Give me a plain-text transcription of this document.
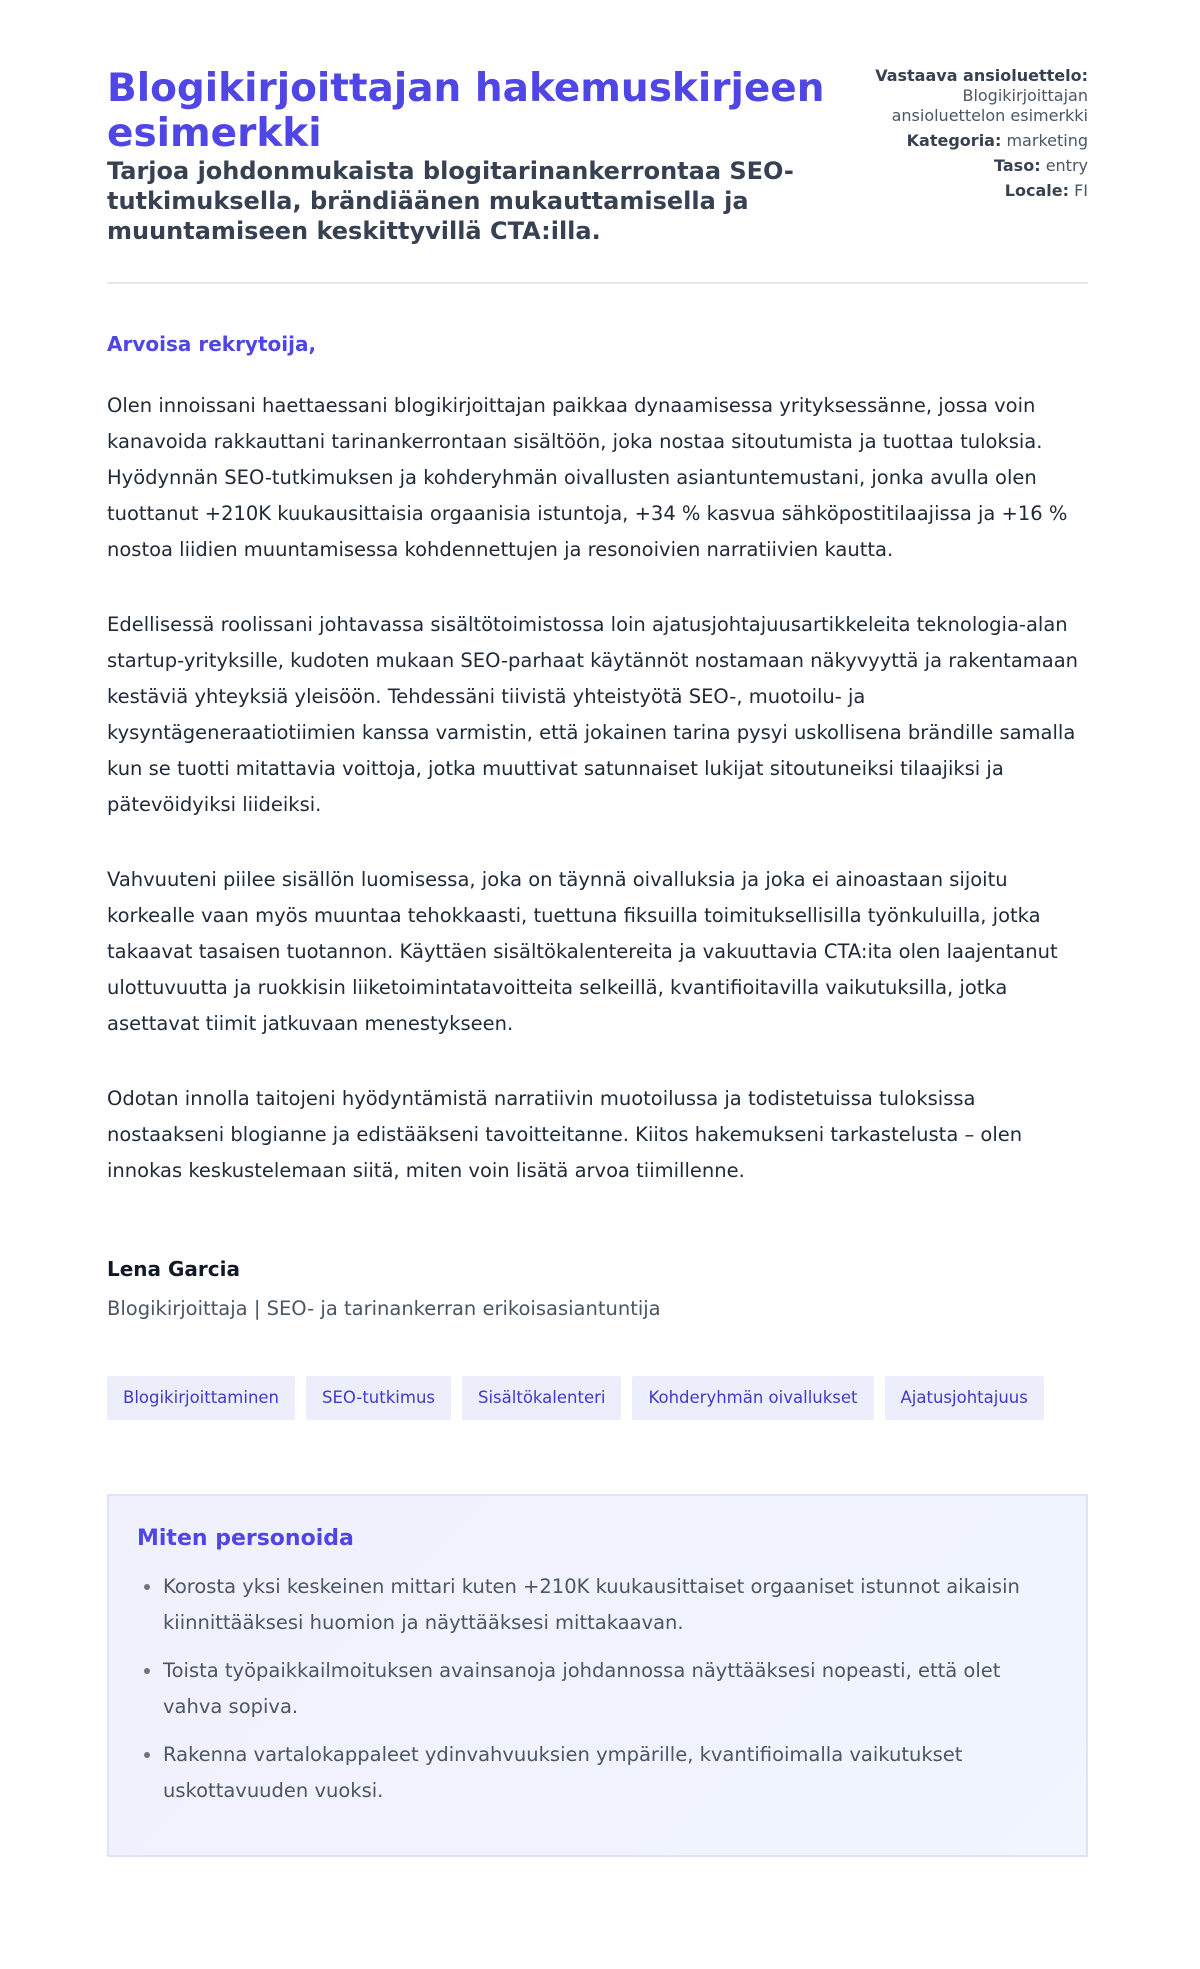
Blogikirjoittajan hakemuskirjeen esimerkki
Tarjoa johdonmukaista blogitarinankerrontaa SEO-tutkimuksella, brändiäänen mukauttamisella ja muuntamiseen keskittyvillä CTA:illa.
Vastaava ansioluettelo: Blogikirjoittajan ansioluettelon esimerkki
Kategoria: marketing
Taso: entry
Locale: FI
Arvoisa rekrytoija,

Olen innoissani haettaessani blogikirjoittajan paikkaa dynaamisessa yrityksessänne, jossa voin kanavoida rakkauttani tarinankerrontaan sisältöön, joka nostaa sitoutumista ja tuottaa tuloksia. Hyödynnän SEO-tutkimuksen ja kohderyhmän oivallusten asiantuntemustani, jonka avulla olen tuottanut +210K kuukausittaisia orgaanisia istuntoja, +34 % kasvua sähköpostitilaajissa ja +16 % nostoa liidien muuntamisessa kohdennettujen ja resonoivien narratiivien kautta.

Edellisessä roolissani johtavassa sisältötoimistossa loin ajatusjohtajuusartikkeleita teknologia-alan startup-yrityksille, kudoten mukaan SEO-parhaat käytännöt nostamaan näkyvyyttä ja rakentamaan kestäviä yhteyksiä yleisöön. Tehdessäni tiivistä yhteistyötä SEO-, muotoilu- ja kysyntägeneraatiotiimien kanssa varmistin, että jokainen tarina pysyi uskollisena brändille samalla kun se tuotti mitattavia voittoja, jotka muuttivat satunnaiset lukijat sitoutuneiksi tilaajiksi ja pätevöidyiksi liideiksi.

Vahvuuteni piilee sisällön luomisessa, joka on täynnä oivalluksia ja joka ei ainoastaan sijoitu korkealle vaan myös muuntaa tehokkaasti, tuettuna fiksuilla toimituksellisilla työnkuluilla, jotka takaavat tasaisen tuotannon. Käyttäen sisältökalentereita ja vakuuttavia CTA:ita olen laajentanut ulottuvuutta ja ruokkisin liiketoimintatavoitteita selkeillä, kvantifioitavilla vaikutuksilla, jotka asettavat tiimit jatkuvaan menestykseen.

Odotan innolla taitojeni hyödyntämistä narratiivin muotoilussa ja todistetuissa tuloksissa nostaakseni blogianne ja edistääkseni tavoitteitanne. Kiitos hakemukseni tarkastelusta – olen innokas keskustelemaan siitä, miten voin lisätä arvoa tiimillenne.

Lena Garcia
Blogikirjoittaja | SEO- ja tarinankerran erikoisasiantuntija
Blogikirjoittaminen	SEO-tutkimus	Sisältökalenteri	Kohderyhmän oivallukset	Ajatusjohtajuus
Miten personoida
• Korosta yksi keskeinen mittari kuten +210K kuukausittaiset orgaaniset istunnot aikaisin kiinnittääksesi huomion ja näyttääksesi mittakaavan.
• Toista työpaikkailmoituksen avainsanoja johdannossa näyttääksesi nopeasti, että olet vahva sopiva.
• Rakenna vartalokappaleet ydinvahvuuksien ympärille, kvantifioimalla vaikutukset uskottavuuden vuoksi.
